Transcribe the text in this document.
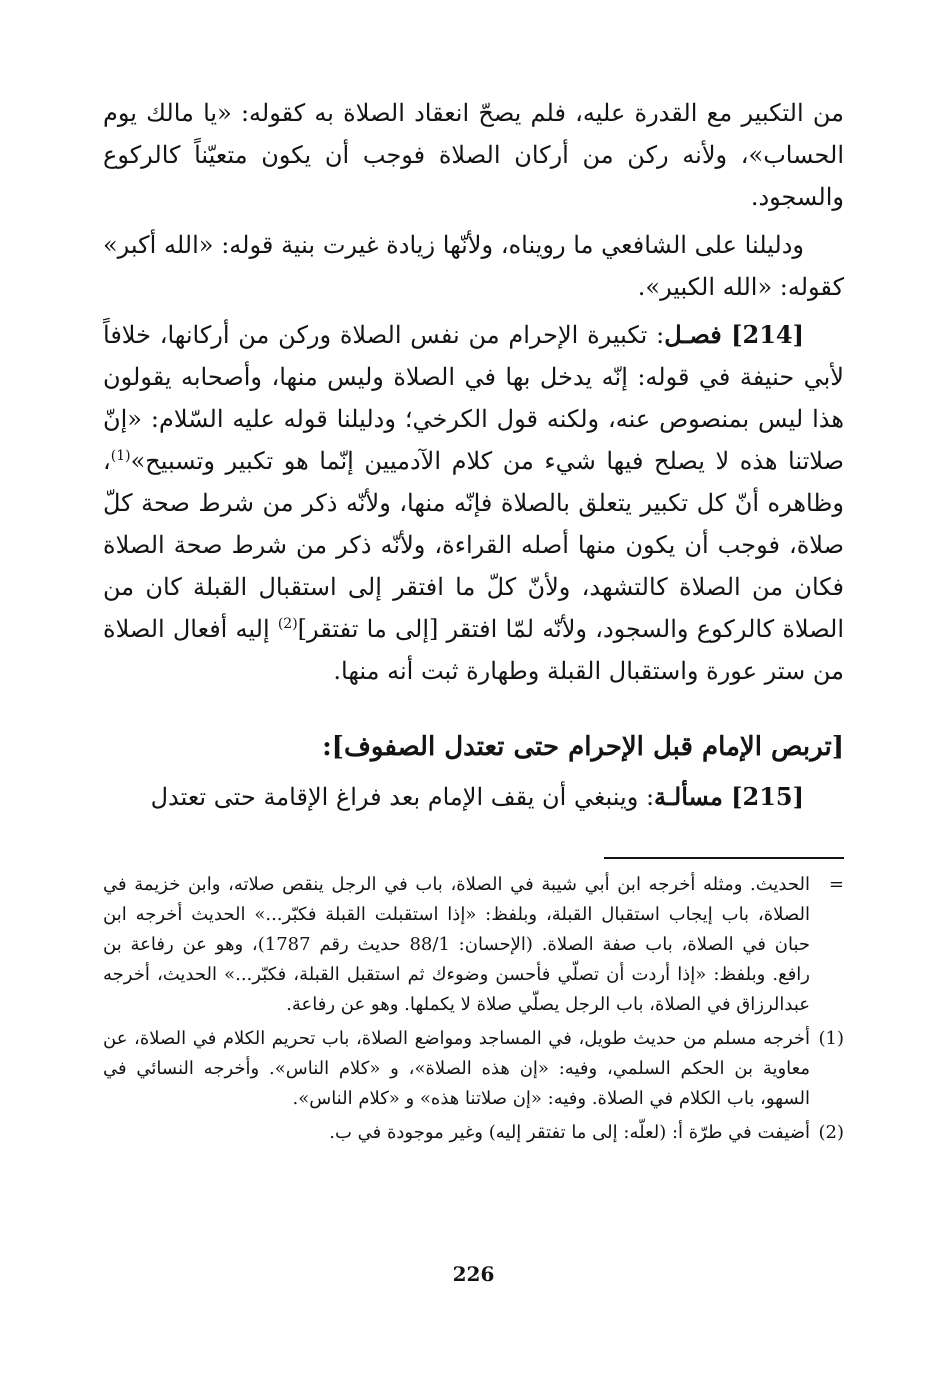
من التكبير مع القدرة عليه، فلم يصحّ انعقاد الصلاة به كقوله: «يا مالك يوم الحساب»، ولأنه ركن من أركان الصلاة فوجب أن يكون متعيّناً كالركوع والسجود.

ودليلنا على الشافعي ما رويناه، ولأنّها زيادة غيرت بنية قوله: «الله أكبر» كقوله: «الله الكبير».

[214] فصـل: تكبيرة الإحرام من نفس الصلاة وركن من أركانها، خلافاً لأبي حنيفة في قوله: إنّه يدخل بها في الصلاة وليس منها، وأصحابه يقولون هذا ليس بمنصوص عنه، ولكنه قول الكرخي؛ ودليلنا قوله عليه السّلام: «إنّ صلاتنا هذه لا يصلح فيها شيء من كلام الآدميين إنّما هو تكبير وتسبيح»$^{(1)}$، وظاهره أنّ كل تكبير يتعلق بالصلاة فإنّه منها، ولأنّه ذكر من شرط صحة كلّ صلاة، فوجب أن يكون منها أصله القراءة، ولأنّه ذكر من شرط صحة الصلاة فكان من الصلاة كالتشهد، ولأنّ كلّ ما افتقر إلى استقبال القبلة كان من الصلاة كالركوع والسجود، ولأنّه لمّا افتقر [إلى ما تفتقر]$^{(2)}$ إليه أفعال الصلاة من ستر عورة واستقبال القبلة وطهارة ثبت أنه منها.

[تربص الإمام قبل الإحرام حتى تعتدل الصفوف]:

[215] مسألـة: وينبغي أن يقف الإمام بعد فراغ الإقامة حتى تعتدل

=
الحديث. ومثله أخرجه ابن أبي شيبة في الصلاة، باب في الرجل ينقص صلاته، وابن خزيمة في الصلاة، باب إيجاب استقبال القبلة، وبلفظ: «إذا استقبلت القبلة فكبّر...» الحديث أخرجه ابن حبان في الصلاة، باب صفة الصلاة. (الإحسان: 88/1 حديث رقم 1787)، وهو عن رفاعة بن رافع. وبلفظ: «إذا أردت أن تصلّي فأحسن وضوءك ثم استقبل القبلة، فكبّر...» الحديث، أخرجه عبدالرزاق في الصلاة، باب الرجل يصلّي صلاة لا يكملها. وهو عن رفاعة.
(1)
أخرجه مسلم من حديث طويل، في المساجد ومواضع الصلاة، باب تحريم الكلام في الصلاة، عن معاوية بن الحكم السلمي، وفيه: «إن هذه الصلاة»، و «كلام الناس». وأخرجه النسائي في السهو، باب الكلام في الصلاة. وفيه: «إن صلاتنا هذه» و «كلام الناس».
(2)
أضيفت في طرّة أ: (لعلّه: إلى ما تفتقر إليه) وغير موجودة في ب.
226
